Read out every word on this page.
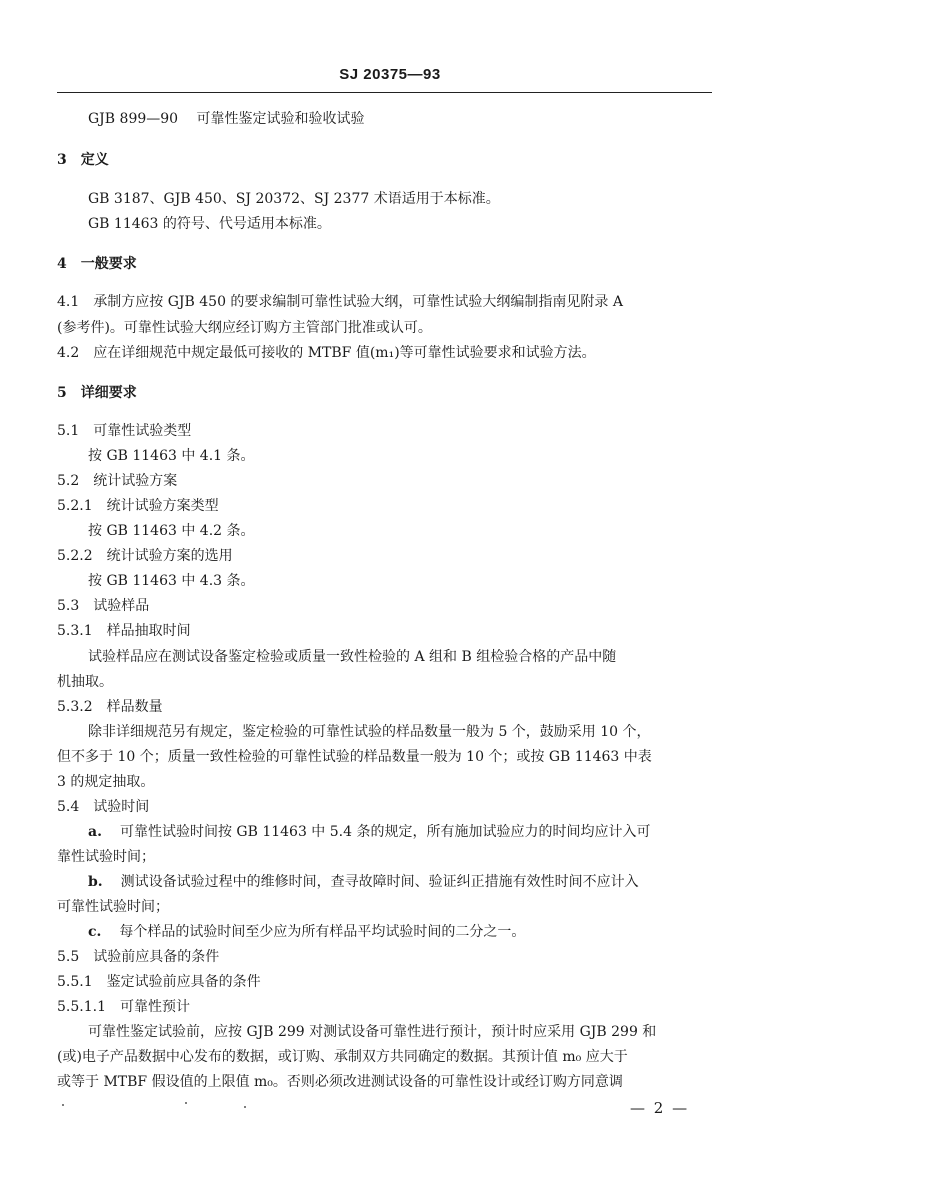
SJ 20375—93
GJB 899—90　 可靠性鉴定试验和验收试验
3 定义
GB 3187、GJB 450、SJ 20372、SJ 2377 术语适用于本标准。
GB 11463 的符号、代号适用本标准。
4 一般要求
4.1　承制方应按 GJB 450 的要求编制可靠性试验大纲，可靠性试验大纲编制指南见附录 A
(参考件)。可靠性试验大纲应经订购方主管部门批准或认可。
4.2　应在详细规范中规定最低可接收的 MTBF 值(m₁)等可靠性试验要求和试验方法。
5 详细要求
5.1　可靠性试验类型
按 GB 11463 中 4.1 条。
5.2　统计试验方案
5.2.1　统计试验方案类型
按 GB 11463 中 4.2 条。
5.2.2　统计试验方案的选用
按 GB 11463 中 4.3 条。
5.3　试验样品
5.3.1　样品抽取时间
试验样品应在测试设备鉴定检验或质量一致性检验的 A 组和 B 组检验合格的产品中随
机抽取。
5.3.2　样品数量
除非详细规范另有规定，鉴定检验的可靠性试验的样品数量一般为 5 个，鼓励采用 10 个，
但不多于 10 个；质量一致性检验的可靠性试验的样品数量一般为 10 个；或按 GB 11463 中表
3 的规定抽取。
5.4　试验时间
a. 可靠性试验时间按 GB 11463 中 5.4 条的规定，所有施加试验应力的时间均应计入可
靠性试验时间；
b. 测试设备试验过程中的维修时间，查寻故障时间、验证纠正措施有效性时间不应计入
可靠性试验时间；
c. 每个样品的试验时间至少应为所有样品平均试验时间的二分之一。
5.5　试验前应具备的条件
5.5.1　鉴定试验前应具备的条件
5.5.1.1　可靠性预计
可靠性鉴定试验前，应按 GJB 299 对测试设备可靠性进行预计，预计时应采用 GJB 299 和
(或)电子产品数据中心发布的数据，或订购、承制双方共同确定的数据。其预计值 m₀ 应大于
或等于 MTBF 假设值的上限值 m₀。否则必须改进测试设备的可靠性设计或经订购方同意调
— 2 —
